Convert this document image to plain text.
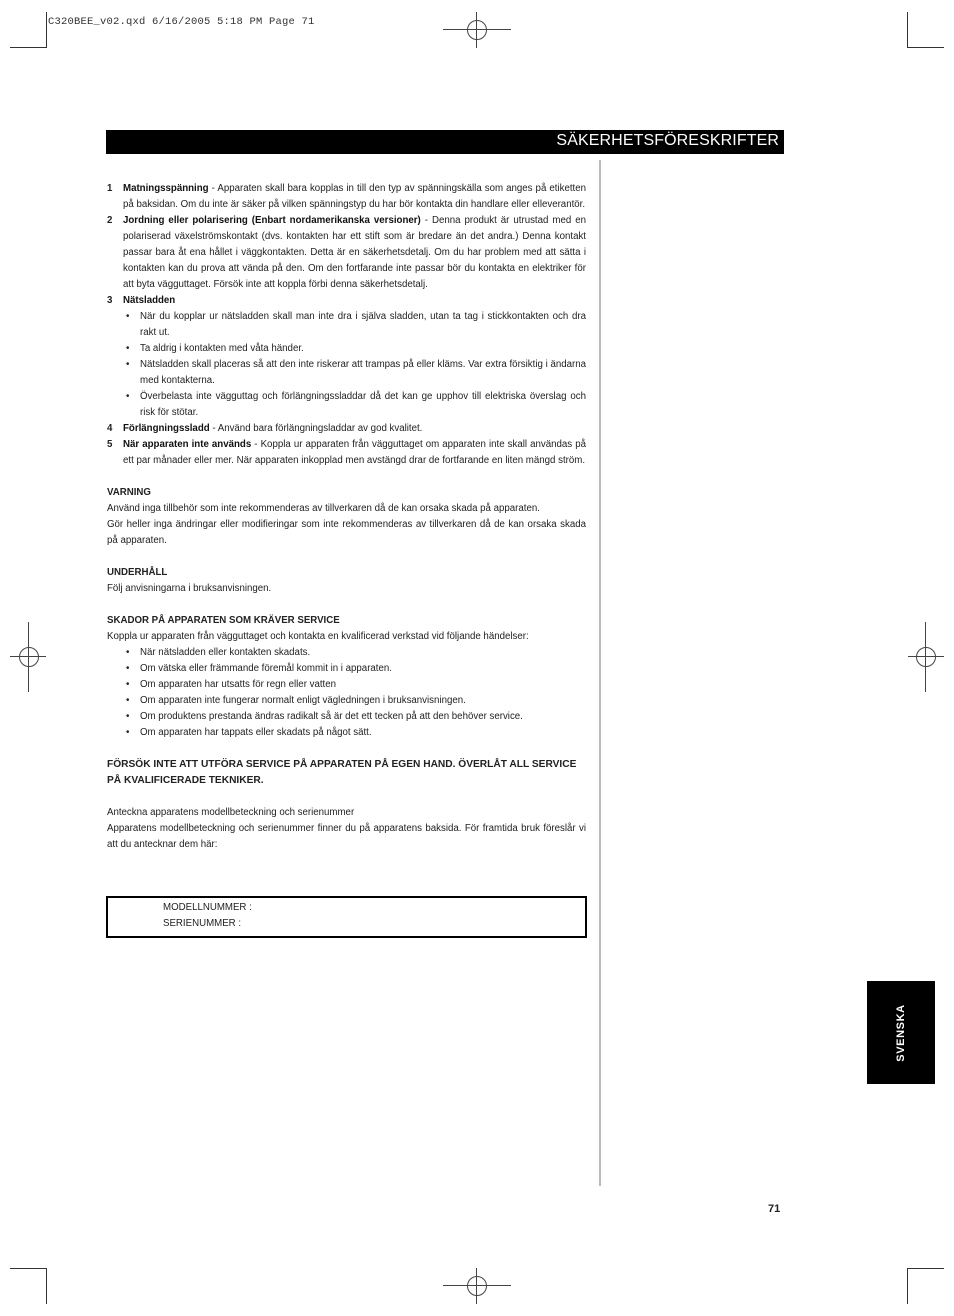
C320BEE_v02.qxd 6/16/2005 5:18 PM Page 71
SÄKERHETSFÖRESKRIFTER
1 Matningsspänning - Apparaten skall bara kopplas in till den typ av spänningskälla som anges på etiketten på baksidan. Om du inte är säker på vilken spänningstyp du har bör kontakta din handlare eller elleverantör.
2 Jordning eller polarisering (Enbart nordamerikanska versioner) - Denna produkt är utrustad med en polariserad växelströmskontakt (dvs. kontakten har ett stift som är bredare än det andra.) Denna kontakt passar bara åt ena hållet i väggkontakten. Detta är en säkerhetsdetalj. Om du har problem med att sätta i kontakten kan du prova att vända på den. Om den fortfarande inte passar bör du kontakta en elektriker för att byta vägguttaget. Försök inte att koppla förbi denna säkerhetsdetalj.
3 Nätsladden
• När du kopplar ur nätsladden skall man inte dra i själva sladden, utan ta tag i stickkontakten och dra rakt ut.
• Ta aldrig i kontakten med våta händer.
• Nätsladden skall placeras så att den inte riskerar att trampas på eller kläms. Var extra försiktig i ändarna med kontakterna.
• Överbelasta inte vägguttag och förlängningssladdar då det kan ge upphov till elektriska överslag och risk för stötar.
4 Förlängningssladd - Använd bara förlängningsladdar av god kvalitet.
5 När apparaten inte används - Koppla ur apparaten från vägguttaget om apparaten inte skall användas på ett par månader eller mer. När apparaten inkopplad men avstängd drar de fortfarande en liten mängd ström.
VARNING
Använd inga tillbehör som inte rekommenderas av tillverkaren då de kan orsaka skada på apparaten.
Gör heller inga ändringar eller modifieringar som inte rekommenderas av tillverkaren då de kan orsaka skada på apparaten.
UNDERHÅLL
Följ anvisningarna i bruksanvisningen.
SKADOR PÅ APPARATEN SOM KRÄVER SERVICE
Koppla ur apparaten från vägguttaget och kontakta en kvalificerad verkstad vid följande händelser:
• När nätsladden eller kontakten skadats.
• Om vätska eller främmande föremål kommit in i apparaten.
• Om apparaten har utsatts för regn eller vatten
• Om apparaten inte fungerar normalt enligt vägledningen i bruksanvisningen.
• Om produktens prestanda ändras radikalt så är det ett tecken på att den behöver service.
• Om apparaten har tappats eller skadats på något sätt.
FÖRSÖK INTE ATT UTFÖRA SERVICE PÅ APPARATEN PÅ EGEN HAND. ÖVERLÅT ALL SERVICE PÅ KVALIFICERADE TEKNIKER.
Anteckna apparatens modellbeteckning och serienummer
Apparatens modellbeteckning och serienummer finner du på apparatens baksida. För framtida bruk föreslår vi att du antecknar dem här:
MODELLNUMMER :
SERIENUMMER :
SVENSKA
71
